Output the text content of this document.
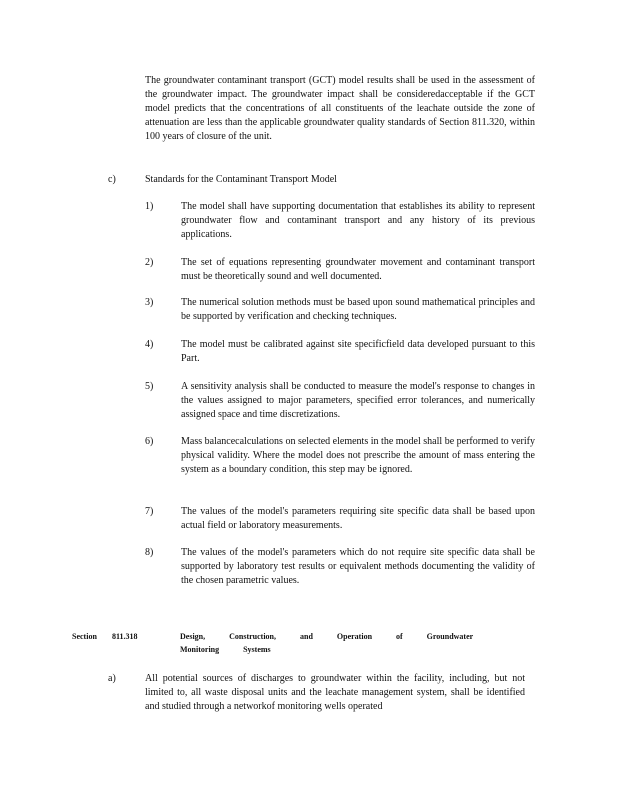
The groundwater contaminant transport (GCT) model results shall be used in the assessment of the groundwater impact. The groundwater impact shall be consideredacceptable if the GCT model predicts that the concentrations of all constituents of the leachate outside the zone of attenuation are less than the applicable groundwater quality standards of Section 811.320, within 100 years of closure of the unit.
c)	Standards for the Contaminant Transport Model
1)	The model shall have supporting documentation that establishes its ability to represent groundwater flow and contaminant transport and any history of its previous applications.
2)	The set of equations representing groundwater movement and contaminant transport must be theoretically sound and well documented.
3)	The numerical solution methods must be based upon sound mathematical principles and be supported by verification and checking techniques.
4)	The model must be calibrated against site specificfield data developed pursuant to this Part.
5)	A sensitivity analysis shall be conducted to measure the model's response to changes in the values assigned to major parameters, specified error tolerances, and numerically assigned space and time discretizations.
6)	Mass balancecalculations on selected elements in the model shall be performed to verify physical validity. Where the model does not prescribe the amount of mass entering the system as a boundary condition, this step may be ignored.
7)	The values of the model's parameters requiring site specific data shall be based upon actual field or laboratory measurements.
8)	The values of the model's parameters which do not require site specific data shall be supported by laboratory test results or equivalent methods documenting the validity of the chosen parametric values.
Section 811.318	Design, Construction, and Operation of Groundwater Monitoring Systems
a)	All potential sources of discharges to groundwater within the facility, including, but not limited to, all waste disposal units and the leachate management system, shall be identified and studied through a networkof monitoring wells operated
